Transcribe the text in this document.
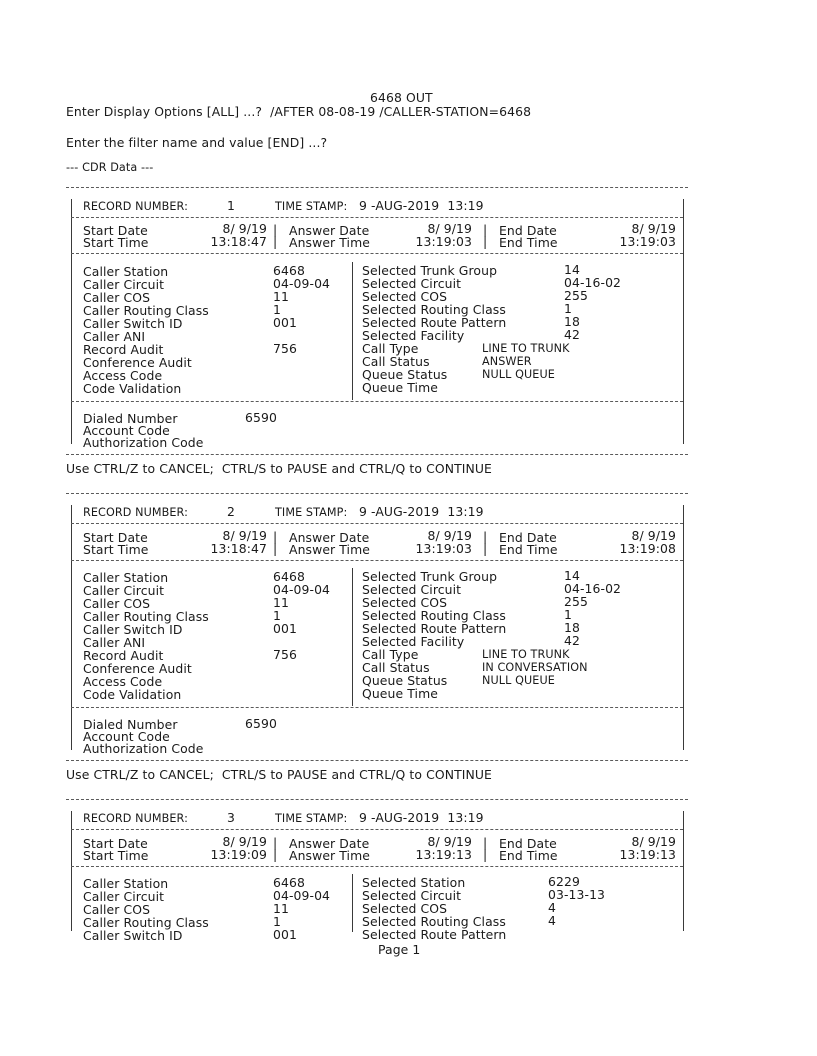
6468 OUT
Enter Display Options [ALL] ...?  /AFTER 08-08-19 /CALLER-STATION=6468
Enter the filter name and value [END] ...?
--- CDR Data ---
RECORD NUMBER:	1	TIME STAMP: 9 -AUG-2019  13:19
Start Date	8/ 9/19 | Answer Date	8/ 9/19 | End Date	8/ 9/19
Start Time	13:18:47 | Answer Time	13:19:03 | End Time	13:19:03
Caller Station	6468	Selected Trunk Group	14
Caller Circuit	04-09-04	Selected Circuit	04-16-02
Caller COS	11	Selected COS	255
Caller Routing Class	1	Selected Routing Class	1
Caller Switch ID	001	Selected Route Pattern	18
Caller ANI	Selected Facility	42
Record Audit	756	Call Type	LINE TO TRUNK
Conference Audit	Call Status	ANSWER
Access Code	Queue Status	NULL QUEUE
Code Validation	Queue Time
Dialed Number	6590
Account Code
Authorization Code
Use CTRL/Z to CANCEL;  CTRL/S to PAUSE and CTRL/Q to CONTINUE
RECORD NUMBER:	2	TIME STAMP: 9 -AUG-2019  13:19
Start Date	8/ 9/19 | Answer Date	8/ 9/19 | End Date	8/ 9/19
Start Time	13:18:47 | Answer Time	13:19:03 | End Time	13:19:08
Caller Station	6468	Selected Trunk Group	14
Caller Circuit	04-09-04	Selected Circuit	04-16-02
Caller COS	11	Selected COS	255
Caller Routing Class	1	Selected Routing Class	1
Caller Switch ID	001	Selected Route Pattern	18
Caller ANI	Selected Facility	42
Record Audit	756	Call Type	LINE TO TRUNK
Conference Audit	Call Status	IN CONVERSATION
Access Code	Queue Status	NULL QUEUE
Code Validation	Queue Time
Dialed Number	6590
Account Code
Authorization Code
Use CTRL/Z to CANCEL;  CTRL/S to PAUSE and CTRL/Q to CONTINUE
RECORD NUMBER:	3	TIME STAMP: 9 -AUG-2019  13:19
Start Date	8/ 9/19 | Answer Date	8/ 9/19 | End Date	8/ 9/19
Start Time	13:19:09 | Answer Time	13:19:13 | End Time	13:19:13
Caller Station	6468	Selected Station	6229
Caller Circuit	04-09-04	Selected Circuit	03-13-13
Caller COS	11	Selected COS	4
Caller Routing Class	1	Selected Routing Class	4
Caller Switch ID	001	Selected Route Pattern
Page 1
